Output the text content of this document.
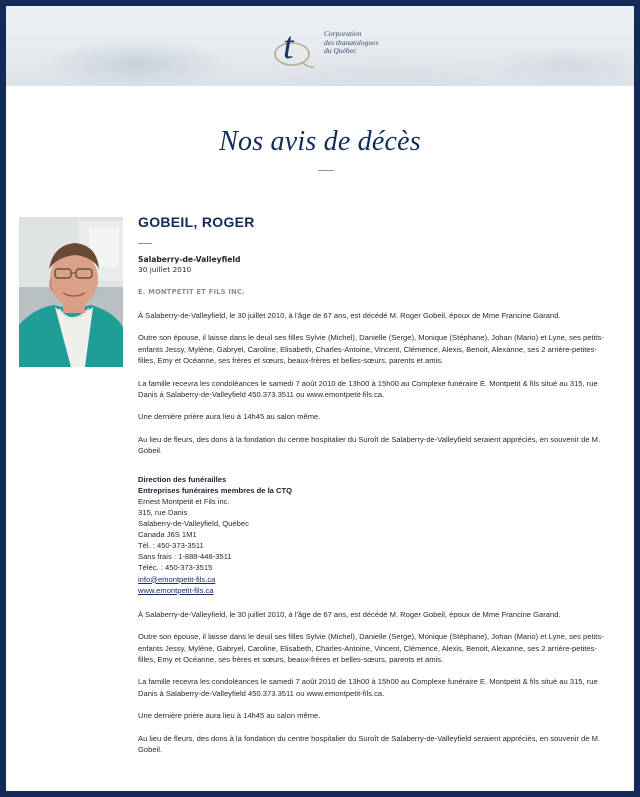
t	Corporation
des thanatologues
du Québec
Nos avis de décès
GOBEIL, ROGER
Salaberry-de-Valleyfield
30 juillet 2010
E. MONTPETIT ET FILS INC.

À Salaberry-de-Valleyfield, le 30 juillet 2010, à l'âge de 67 ans, est décédé M. Roger Gobeil, époux de Mme Francine Garand.

Outre son épouse, il laisse dans le deuil ses filles Sylvie (Michel), Danielle (Serge), Monique (Stéphane), Johan (Mario) et Lyne, ses petits-enfants Jessy, Mylène, Gabryel, Caroline, Elisabeth, Charles-Antoine, Vincent, Clémence, Alexis, Benoit, Alexanne, ses 2 arrière-petites-filles, Emy et Océanne, ses frères et sœurs, beaux-frères et belles-sœurs, parents et amis.

La famille recevra les condoléances le samedi 7 août 2010 de 13h00 à 15h00 au Complexe funéraire E. Montpetit & fils situé au 315, rue Danis à Salaberry-de-Valleyfield 450.373.3511 ou www.emontpetit-fils.ca.

Une dernière prière aura lieu à 14h45 au salon même.

Au lieu de fleurs, des dons à la fondation du centre hospitalier du Suroît de Salaberry-de-Valleyfield seraient appréciés, en souvenir de M. Gobeil.

Direction des funérailles
Entreprises funéraires membres de la CTQ
Ernest Montpetit et Fils inc.
315, rue Danis
Salaberry-de-Valleyfield, Québec
Canada J6S 1M1
Tél. : 450-373-3511
Sans frais : 1-888-448-3511
Téléc. : 450-373-3515
info@emontpetit-fils.ca
www.emontpetit-fils.ca

À Salaberry-de-Valleyfield, le 30 juillet 2010, à l'âge de 67 ans, est décédé M. Roger Gobeil, époux de Mme Francine Garand.

Outre son épouse, il laisse dans le deuil ses filles Sylvie (Michel), Danielle (Serge), Monique (Stéphane), Johan (Mario) et Lyne, ses petits-enfants Jessy, Mylène, Gabryel, Caroline, Elisabeth, Charles-Antoine, Vincent, Clémence, Alexis, Benoit, Alexanne, ses 2 arrière-petites-filles, Emy et Océanne, ses frères et sœurs, beaux-frères et belles-sœurs, parents et amis.

La famille recevra les condoléances le samedi 7 août 2010 de 13h00 à 15h00 au Complexe funéraire E. Montpetit & fils situé au 315, rue Danis à Salaberry-de-Valleyfield 450.373.3511 ou www.emontpetit-fils.ca.

Une dernière prière aura lieu à 14h45 au salon même.

Au lieu de fleurs, des dons à la fondation du centre hospitalier du Suroît de Salaberry-de-Valleyfield seraient appréciés, en souvenir de M. Gobeil.
